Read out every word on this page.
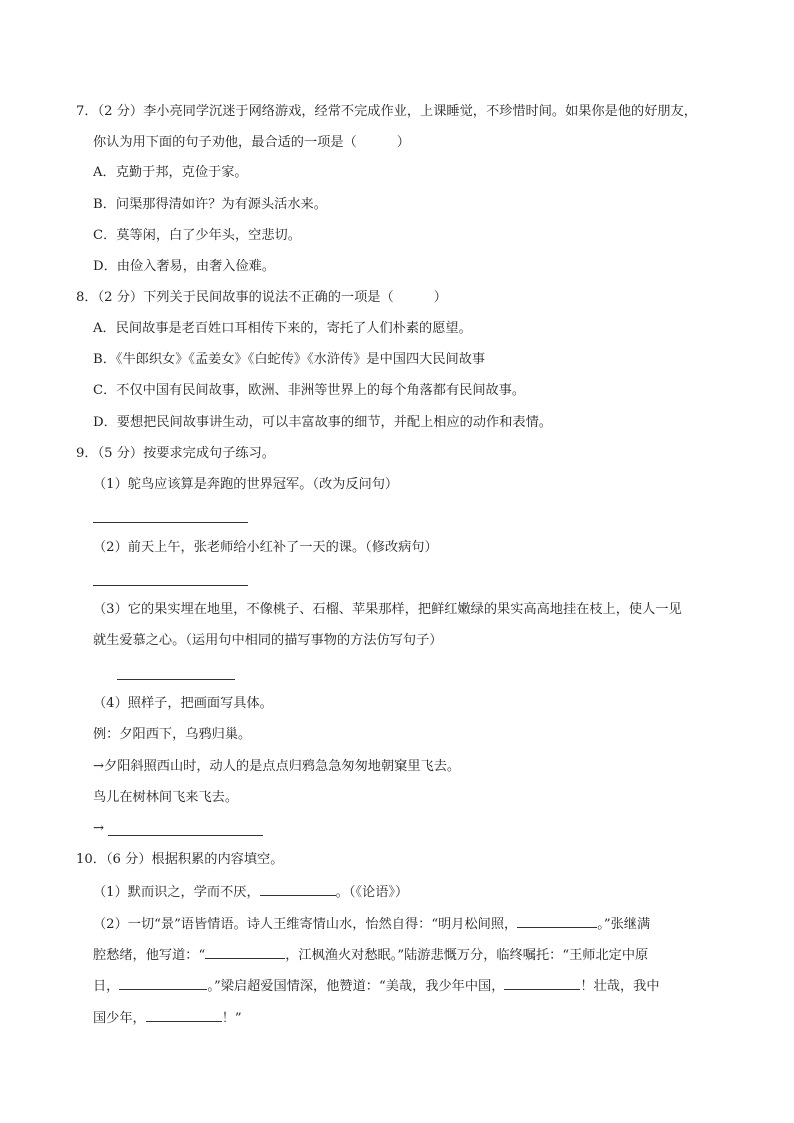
7．（2 分）李小亮同学沉迷于网络游戏，经常不完成作业，上课睡觉，不珍惜时间。如果你是他的好朋友，
你认为用下面的句子劝他，最合适的一项是（	）
A．克勤于邦，克俭于家。
B．问渠那得清如许？为有源头活水来。
C．莫等闲，白了少年头，空悲切。
D．由俭入奢易，由奢入俭难。
8．（2 分）下列关于民间故事的说法不正确的一项是（	）
A．民间故事是老百姓口耳相传下来的，寄托了人们朴素的愿望。
B．《牛郎织女》《孟姜女》《白蛇传》《水浒传》是中国四大民间故事
C．不仅中国有民间故事，欧洲、非洲等世界上的每个角落都有民间故事。
D．要想把民间故事讲生动，可以丰富故事的细节，并配上相应的动作和表情。
9．（5 分）按要求完成句子练习。
（1）鸵鸟应该算是奔跑的世界冠军。（改为反问句）
（2）前天上午，张老师给小红补了一天的课。（修改病句）
（3）它的果实埋在地里，不像桃子、石榴、苹果那样，把鲜红嫩绿的果实高高地挂在枝上，使人一见
就生爱慕之心。（运用句中相同的描写事物的方法仿写句子）
（4）照样子，把画面写具体。
例：夕阳西下，乌鸦归巢。
→夕阳斜照西山时，动人的是点点归鸦急急匆匆地朝窠里飞去。
鸟儿在树林间飞来飞去。
→
10．（6 分）根据积累的内容填空。
（1）默而识之，学而不厌，	。（《论语》）
（2）一切“景”语皆情语。诗人王维寄情山水，怡然自得：“明月松间照，	。”张继满
腔愁绪，他写道：“	，江枫渔火对愁眠。”陆游悲慨万分，临终嘱托：“王师北定中原
日，	。”梁启超爱国情深，他赞道：“美哉，我少年中国，	！壮哉，我中
国少年，	！”
